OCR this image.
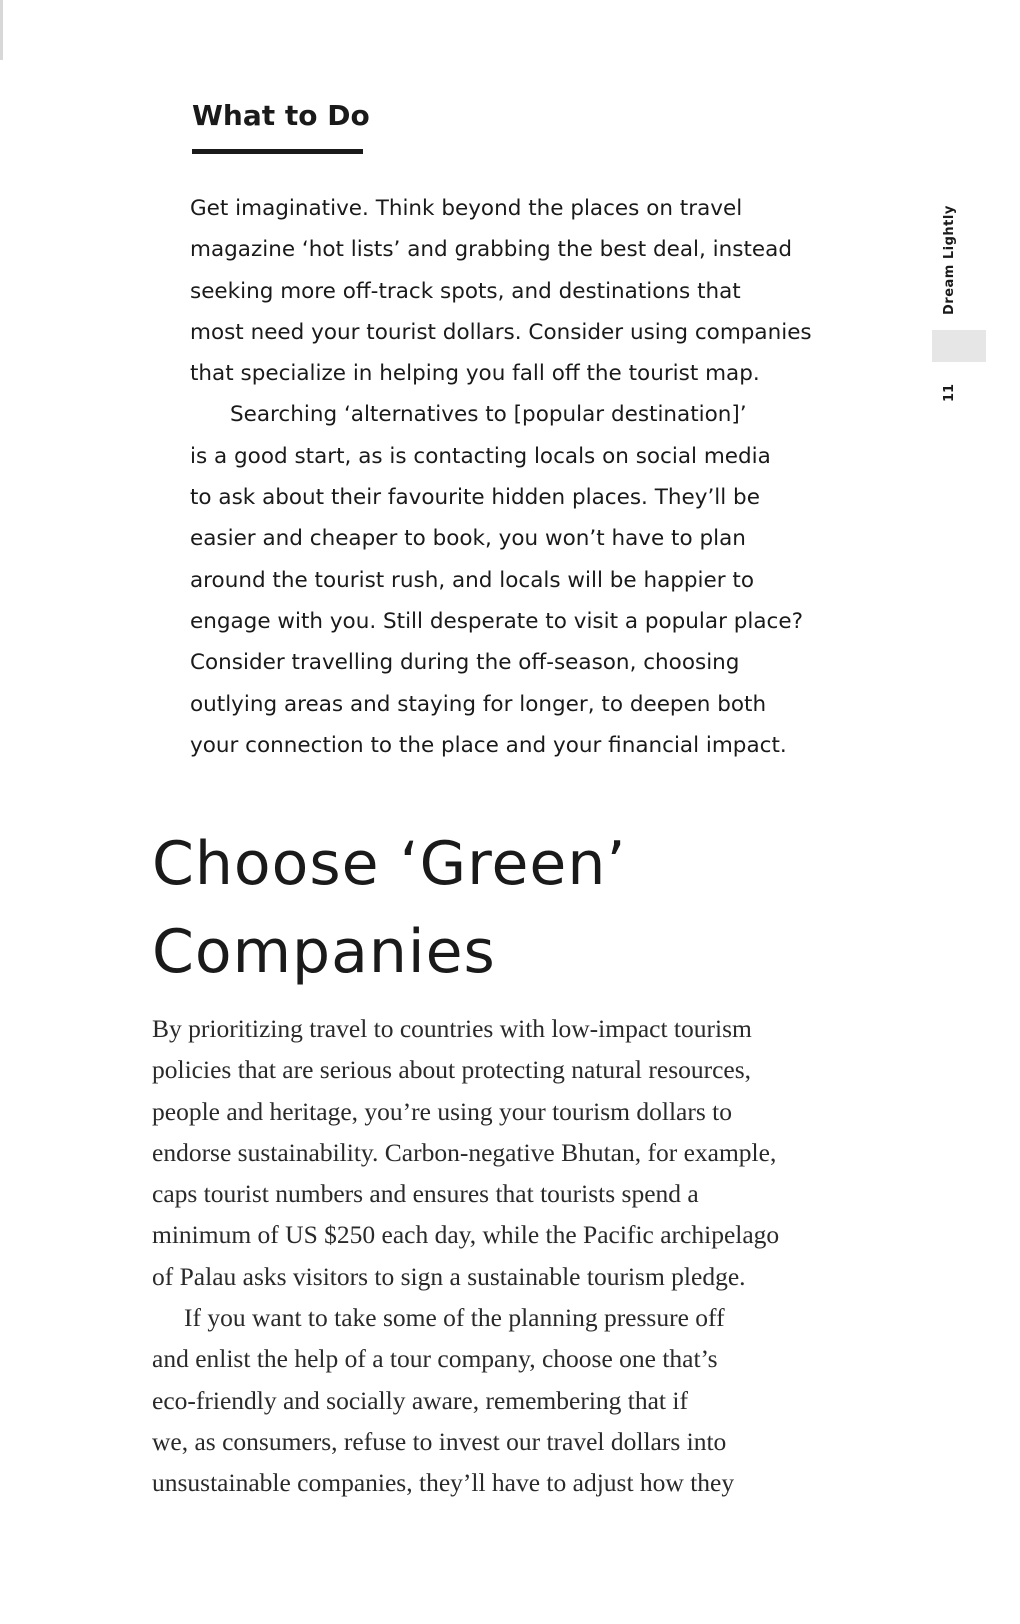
What to Do

Get imaginative. Think beyond the places on travel

magazine ‘hot lists’ and grabbing the best deal, instead

seeking more off-track spots, and destinations that

most need your tourist dollars. Consider using companies

that specialize in helping you fall off the tourist map.

Searching ‘alternatives to [popular destination]’

is a good start, as is contacting locals on social media

to ask about their favourite hidden places. They’ll be

easier and cheaper to book, you won’t have to plan

around the tourist rush, and locals will be happier to

engage with you. Still desperate to visit a popular place?

Consider travelling during the off-season, choosing

outlying areas and staying for longer, to deepen both

your connection to the place and your financial impact.

Choose ‘Green’
Companies

By prioritizing travel to countries with low-impact tourism

policies that are serious about protecting natural resources,

people and heritage, you’re using your tourism dollars to

endorse sustainability. Carbon-negative Bhutan, for example,

caps tourist numbers and ensures that tourists spend a

minimum of US $250 each day, while the Pacific archipelago

of Palau asks visitors to sign a sustainable tourism pledge.

If you want to take some of the planning pressure off

and enlist the help of a tour company, choose one that’s

eco-friendly and socially aware, remembering that if

we, as consumers, refuse to invest our travel dollars into

unsustainable companies, they’ll have to adjust how they

Dream Lightly
11
